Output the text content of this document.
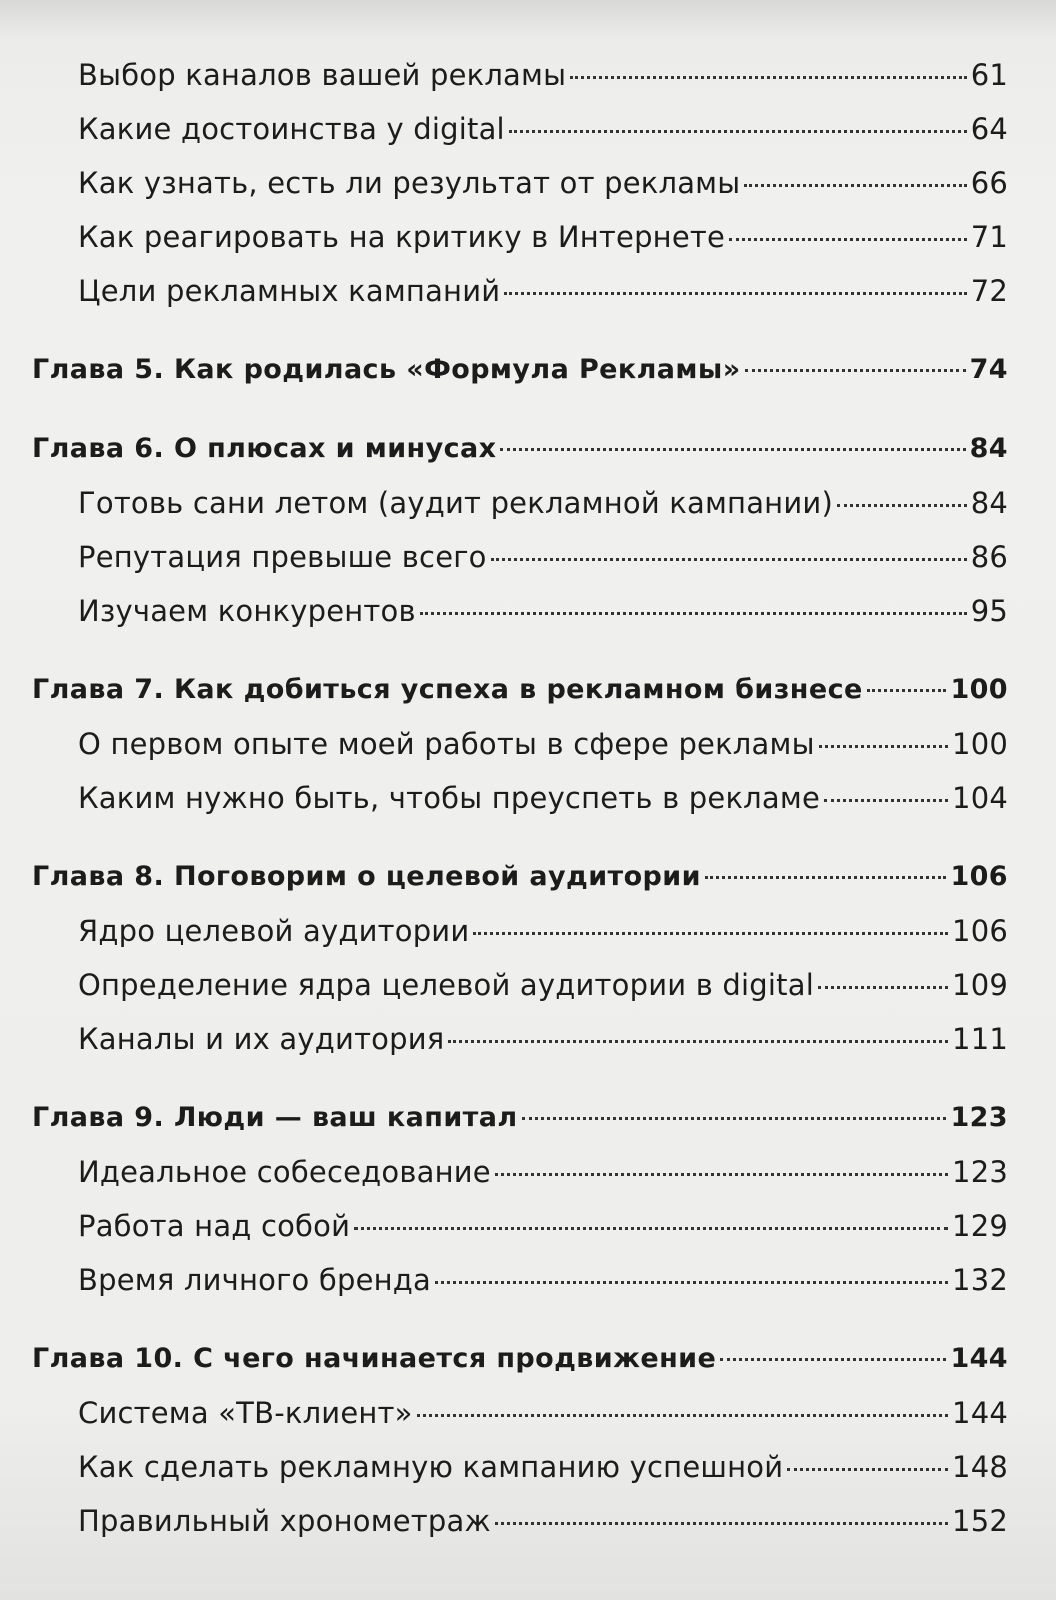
Выбор каналов вашей рекламы	61
Какие достоинства у digital	64
Как узнать, есть ли результат от рекламы	66
Как реагировать на критику в Интернете	71
Цели рекламных кампаний	72
Глава 5. Как родилась «Формула Рекламы»	74
Глава 6. О плюсах и минусах	84
Готовь сани летом (аудит рекламной кампании)	84
Репутация превыше всего	86
Изучаем конкурентов	95
Глава 7. Как добиться успеха в рекламном бизнесе	100
О первом опыте моей работы в сфере рекламы	100
Каким нужно быть, чтобы преуспеть в рекламе	104
Глава 8. Поговорим о целевой аудитории	106
Ядро целевой аудитории	106
Определение ядра целевой аудитории в digital	109
Каналы и их аудитория	111
Глава 9. Люди — ваш капитал	123
Идеальное собеседование	123
Работа над собой	129
Время личного бренда	132
Глава 10. С чего начинается продвижение	144
Система «ТВ-клиент»	144
Как сделать рекламную кампанию успешной	148
Правильный хронометраж	152
